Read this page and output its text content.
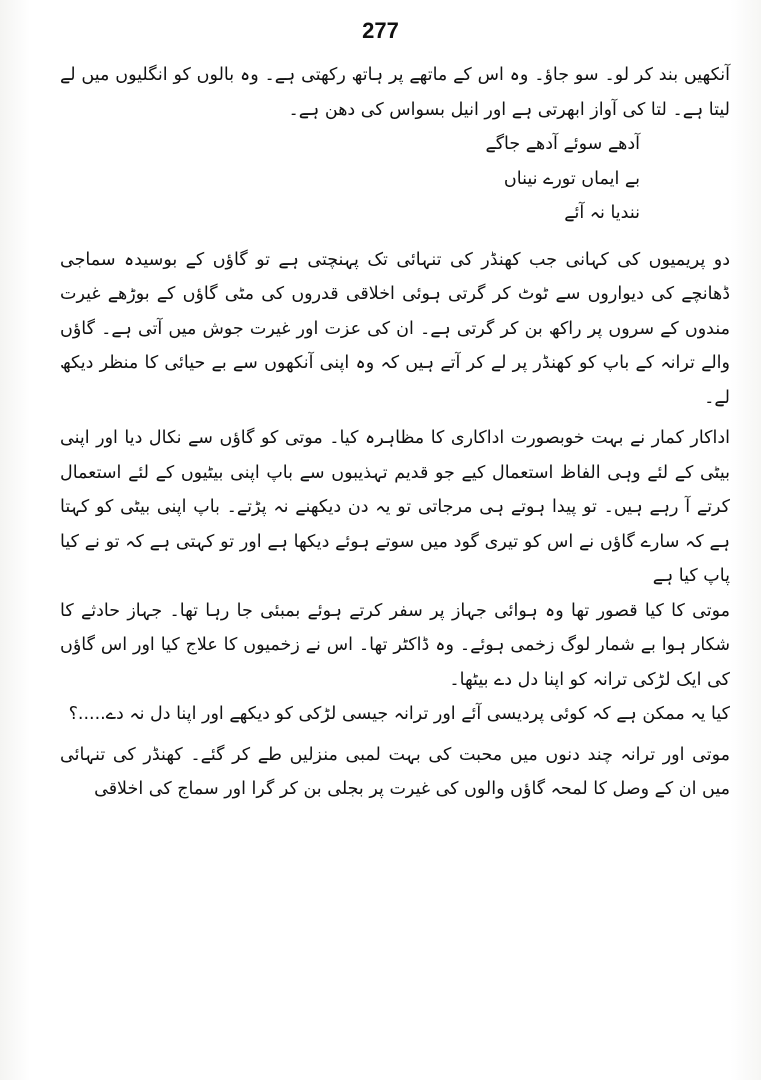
277

آنکھیں بند کر لو۔ سو جاؤ۔ وہ اس کے ماتھے پر ہاتھ رکھتی ہے۔ وہ بالوں کو انگلیوں میں لے لیتا ہے۔ لتا کی آواز ابھرتی ہے اور انیل بسواس کی دھن ہے۔

آدھے سوئے آدھے جاگے

بے ایماں تورے نیناں

نندیا نہ آئے

دو پریمیوں کی کہانی جب کھنڈر کی تنہائی تک پہنچتی ہے تو گاؤں کے بوسیدہ سماجی ڈھانچے کی دیواروں سے ٹوٹ کر گرتی ہوئی اخلاقی قدروں کی مٹی گاؤں کے بوڑھے غیرت مندوں کے سروں پر راکھ بن کر گرتی ہے۔ ان کی عزت اور غیرت جوش میں آتی ہے۔ گاؤں والے ترانہ کے باپ کو کھنڈر پر لے کر آتے ہیں کہ وہ اپنی آنکھوں سے بے حیائی کا منظر دیکھ لے۔

اداکار کمار نے بہت خوبصورت اداکاری کا مظاہرہ کیا۔ موتی کو گاؤں سے نکال دیا اور اپنی بیٹی کے لئے وہی الفاظ استعمال کیے جو قدیم تہذیبوں سے باپ اپنی بیٹیوں کے لئے استعمال کرتے آ رہے ہیں۔ تو پیدا ہوتے ہی مرجاتی تو یہ دن دیکھنے نہ پڑتے۔ باپ اپنی بیٹی کو کہتا ہے کہ سارے گاؤں نے اس کو تیری گود میں سوتے ہوئے دیکھا ہے اور تو کہتی ہے کہ تو نے کیا پاپ کیا ہے

موتی کا کیا قصور تھا وہ ہوائی جہاز پر سفر کرتے ہوئے بمبئی جا رہا تھا۔ جہاز حادثے کا شکار ہوا بے شمار لوگ زخمی ہوئے۔ وہ ڈاکٹر تھا۔ اس نے زخمیوں کا علاج کیا اور اس گاؤں کی ایک لڑکی ترانہ کو اپنا دل دے بیٹھا۔

کیا یہ ممکن ہے کہ کوئی پردیسی آئے اور ترانہ جیسی لڑکی کو دیکھے اور اپنا دل نہ دے.....؟

موتی اور ترانہ چند دنوں میں محبت کی بہت لمبی منزلیں طے کر گئے۔ کھنڈر کی تنہائی میں ان کے وصل کا لمحہ گاؤں والوں کی غیرت پر بجلی بن کر گرا اور سماج کی اخلاقی
